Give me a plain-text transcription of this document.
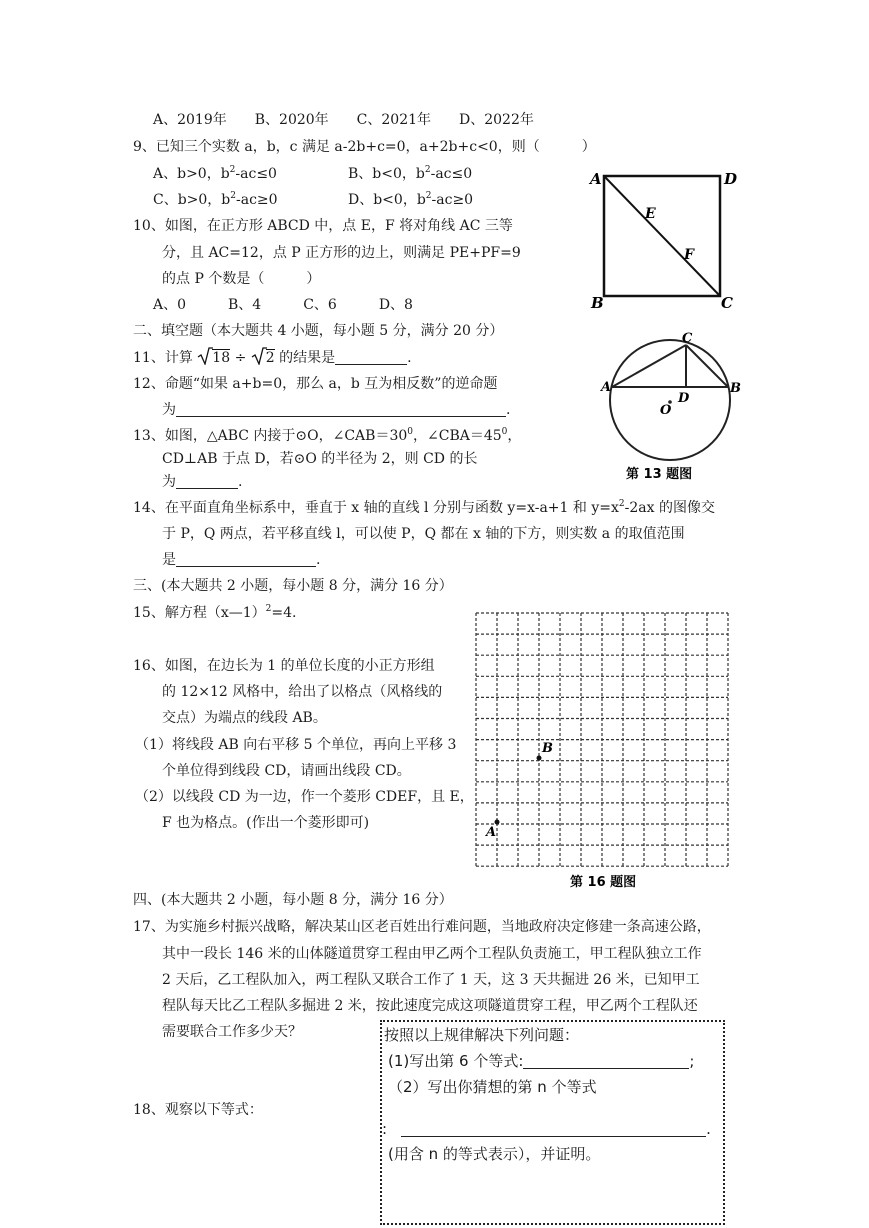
A、2019年 B、2020年 C、2021年 D、2022年
9、已知三个实数 a，b，c 满足 a-2b+c=0，a+2b+c<0，则（　　　）
A、b>0，$b^2-ac\le 0$	B、b<0，$b^2-ac\le 0$
C、b>0，$b^2-ac\ge 0$	D、b<0，$b^2-ac\ge 0$
10、如图，在正方形 ABCD 中，点 E，F 将对角线 AC 三等
分，且 AC=12，点 P 正方形的边上，则满足 PE+PF=9
的点 P 个数是（　　　）
A、0　　　B、4　　　C、6　　　D、8
A	D
B	C
E
F
二、填空题（本大题共 4 小题，每小题 5 分，满分 20 分）
11、计算 18 ÷ 2 的结果是	.
12、命题“如果 a+b=0，那么 a，b 互为相反数”的逆命题
为	.
13、如图，△ABC 内接于⊙O，$\angle CAB=30^0$，$\angle CBA=45^0$，
CD⊥AB 于点 D，若⊙O 的半径为 2，则 CD 的长
为	.
A	B
C
D
O
第 13 题图
14、在平面直角坐标系中，垂直于 x 轴的直线 l 分别与函数 y=x-a+1 和 $y=x^2-2ax$ 的图像交
于 P，Q 两点，若平移直线 l，可以使 P，Q 都在 x 轴的下方，则实数 a 的取值范围
是	.
三、(本大题共 2 小题，每小题 8 分，满分 16 分）
15、解方程（x—1）$^2$=4.
16、如图，在边长为 1 的单位长度的小正方形组
的 12×12 风格中，给出了以格点（风格线的
交点）为端点的线段 AB。
（1）将线段 AB 向右平移 5 个单位，再向上平移 3
个单位得到线段 CD，请画出线段 CD。
（2）以线段 CD 为一边，作一个菱形 CDEF，且 E，
F 也为格点。(作出一个菱形即可)
A
B
第 16 题图
四、(本大题共 2 小题，每小题 8 分，满分 16 分）
17、为实施乡村振兴战略，解决某山区老百姓出行难问题，当地政府决定修建一条高速公路，
其中一段长 146 米的山体隧道贯穿工程由甲乙两个工程队负责施工，甲工程队独立工作
2 天后，乙工程队加入，两工程队又联合工作了 1 天，这 3 天共掘进 26 米，已知甲工
程队每天比乙工程队多掘进 2 米，按此速度完成这项隧道贯穿工程，甲乙两个工程队还
需要联合工作多少天？
18、观察以下等式：
按照以上规律解决下列问题：
(1)写出第 6 个等式:	;
（2）写出你猜想的第 n 个等式
:	.
(用含 n 的等式表示），并证明。
